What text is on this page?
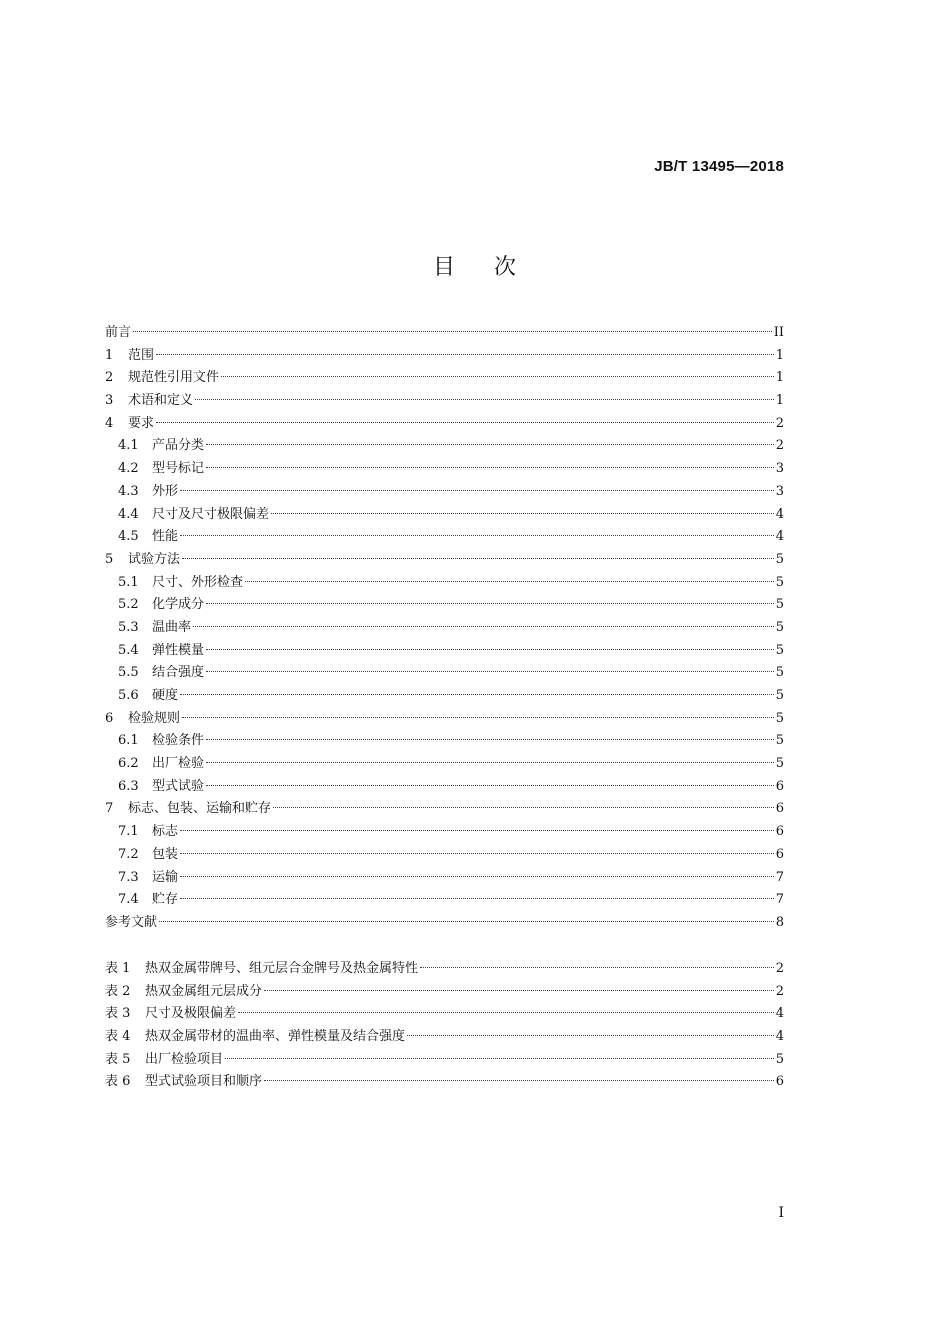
JB/T 13495—2018
目 次
前言	II
1	范围	1
2	规范性引用文件	1
3	术语和定义	1
4	要求	2
4.1	产品分类	2
4.2	型号标记	3
4.3	外形	3
4.4	尺寸及尺寸极限偏差	4
4.5	性能	4
5	试验方法	5
5.1	尺寸、外形检查	5
5.2	化学成分	5
5.3	温曲率	5
5.4	弹性模量	5
5.5	结合强度	5
5.6	硬度	5
6	检验规则	5
6.1	检验条件	5
6.2	出厂检验	5
6.3	型式试验	6
7	标志、包装、运输和贮存	6
7.1	标志	6
7.2	包装	6
7.3	运输	7
7.4	贮存	7
参考文献	8
表 1	热双金属带牌号、组元层合金牌号及热金属特性	2
表 2	热双金属组元层成分	2
表 3	尺寸及极限偏差	4
表 4	热双金属带材的温曲率、弹性模量及结合强度	4
表 5	出厂检验项目	5
表 6	型式试验项目和顺序	6
I
